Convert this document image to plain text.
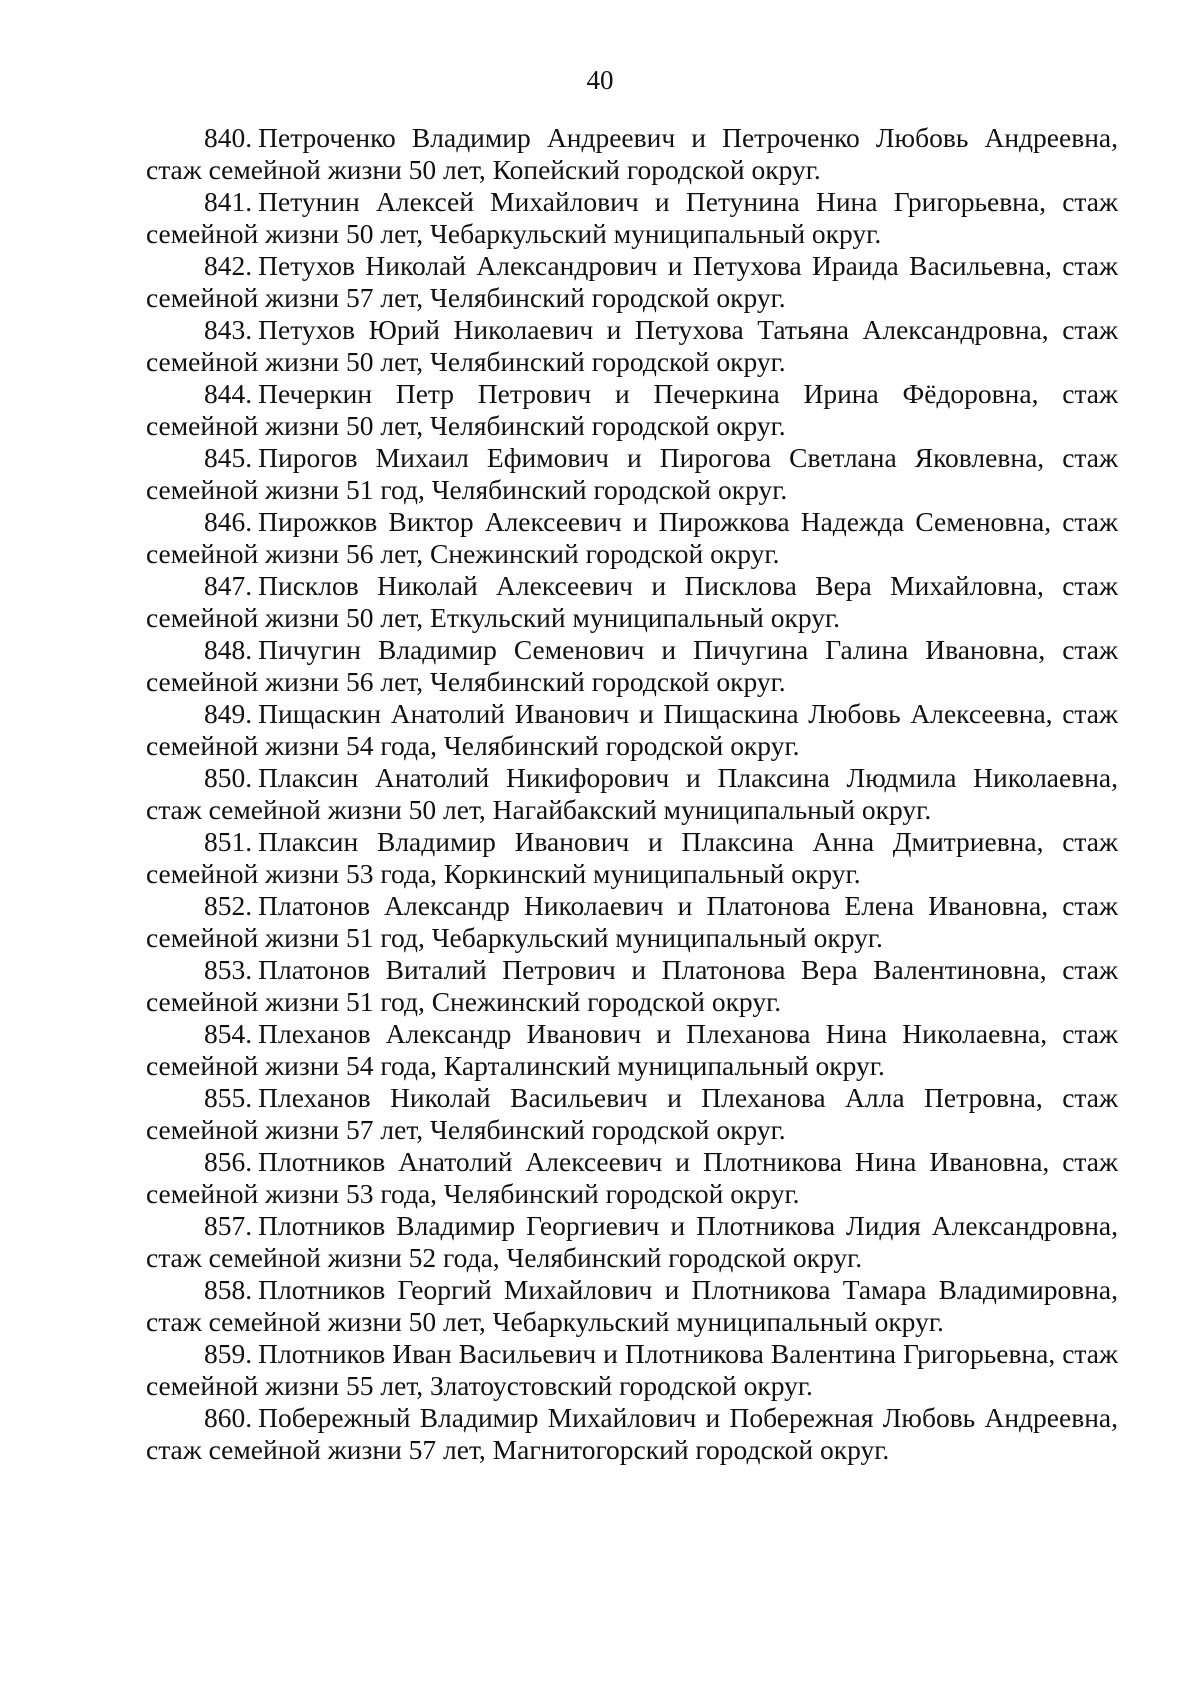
40
840. Петроченко Владимир Андреевич и Петроченко Любовь Андреевна, стаж семейной жизни 50 лет, Копейский городской округ.
841. Петунин Алексей Михайлович и Петунина Нина Григорьевна, стаж семейной жизни 50 лет, Чебаркульский муниципальный округ.
842. Петухов Николай Александрович и Петухова Ираида Васильевна, стаж семейной жизни 57 лет, Челябинский городской округ.
843. Петухов Юрий Николаевич и Петухова Татьяна Александровна, стаж семейной жизни 50 лет, Челябинский городской округ.
844. Печеркин Петр Петрович и Печеркина Ирина Фёдоровна, стаж семейной жизни 50 лет, Челябинский городской округ.
845. Пирогов Михаил Ефимович и Пирогова Светлана Яковлевна, стаж семейной жизни 51 год, Челябинский городской округ.
846. Пирожков Виктор Алексеевич и Пирожкова Надежда Семеновна, стаж семейной жизни 56 лет, Снежинский городской округ.
847. Писклов Николай Алексеевич и Писклова Вера Михайловна, стаж семейной жизни 50 лет, Еткульский муниципальный округ.
848. Пичугин Владимир Семенович и Пичугина Галина Ивановна, стаж семейной жизни 56 лет, Челябинский городской округ.
849. Пищаскин Анатолий Иванович и Пищаскина Любовь Алексеевна, стаж семейной жизни 54 года, Челябинский городской округ.
850. Плаксин Анатолий Никифорович и Плаксина Людмила Николаевна, стаж семейной жизни 50 лет, Нагайбакский муниципальный округ.
851. Плаксин Владимир Иванович и Плаксина Анна Дмитриевна, стаж семейной жизни 53 года, Коркинский муниципальный округ.
852. Платонов Александр Николаевич и Платонова Елена Ивановна, стаж семейной жизни 51 год, Чебаркульский муниципальный округ.
853. Платонов Виталий Петрович и Платонова Вера Валентиновна, стаж семейной жизни 51 год, Снежинский городской округ.
854. Плеханов Александр Иванович и Плеханова Нина Николаевна, стаж семейной жизни 54 года, Карталинский муниципальный округ.
855. Плеханов Николай Васильевич и Плеханова Алла Петровна, стаж семейной жизни 57 лет, Челябинский городской округ.
856. Плотников Анатолий Алексеевич и Плотникова Нина Ивановна, стаж семейной жизни 53 года, Челябинский городской округ.
857. Плотников Владимир Георгиевич и Плотникова Лидия Александровна, стаж семейной жизни 52 года, Челябинский городской округ.
858. Плотников Георгий Михайлович и Плотникова Тамара Владимировна, стаж семейной жизни 50 лет, Чебаркульский муниципальный округ.
859. Плотников Иван Васильевич и Плотникова Валентина Григорьевна, стаж семейной жизни 55 лет, Златоустовский городской округ.
860. Побережный Владимир Михайлович и Побережная Любовь Андреевна, стаж семейной жизни 57 лет, Магнитогорский городской округ.
